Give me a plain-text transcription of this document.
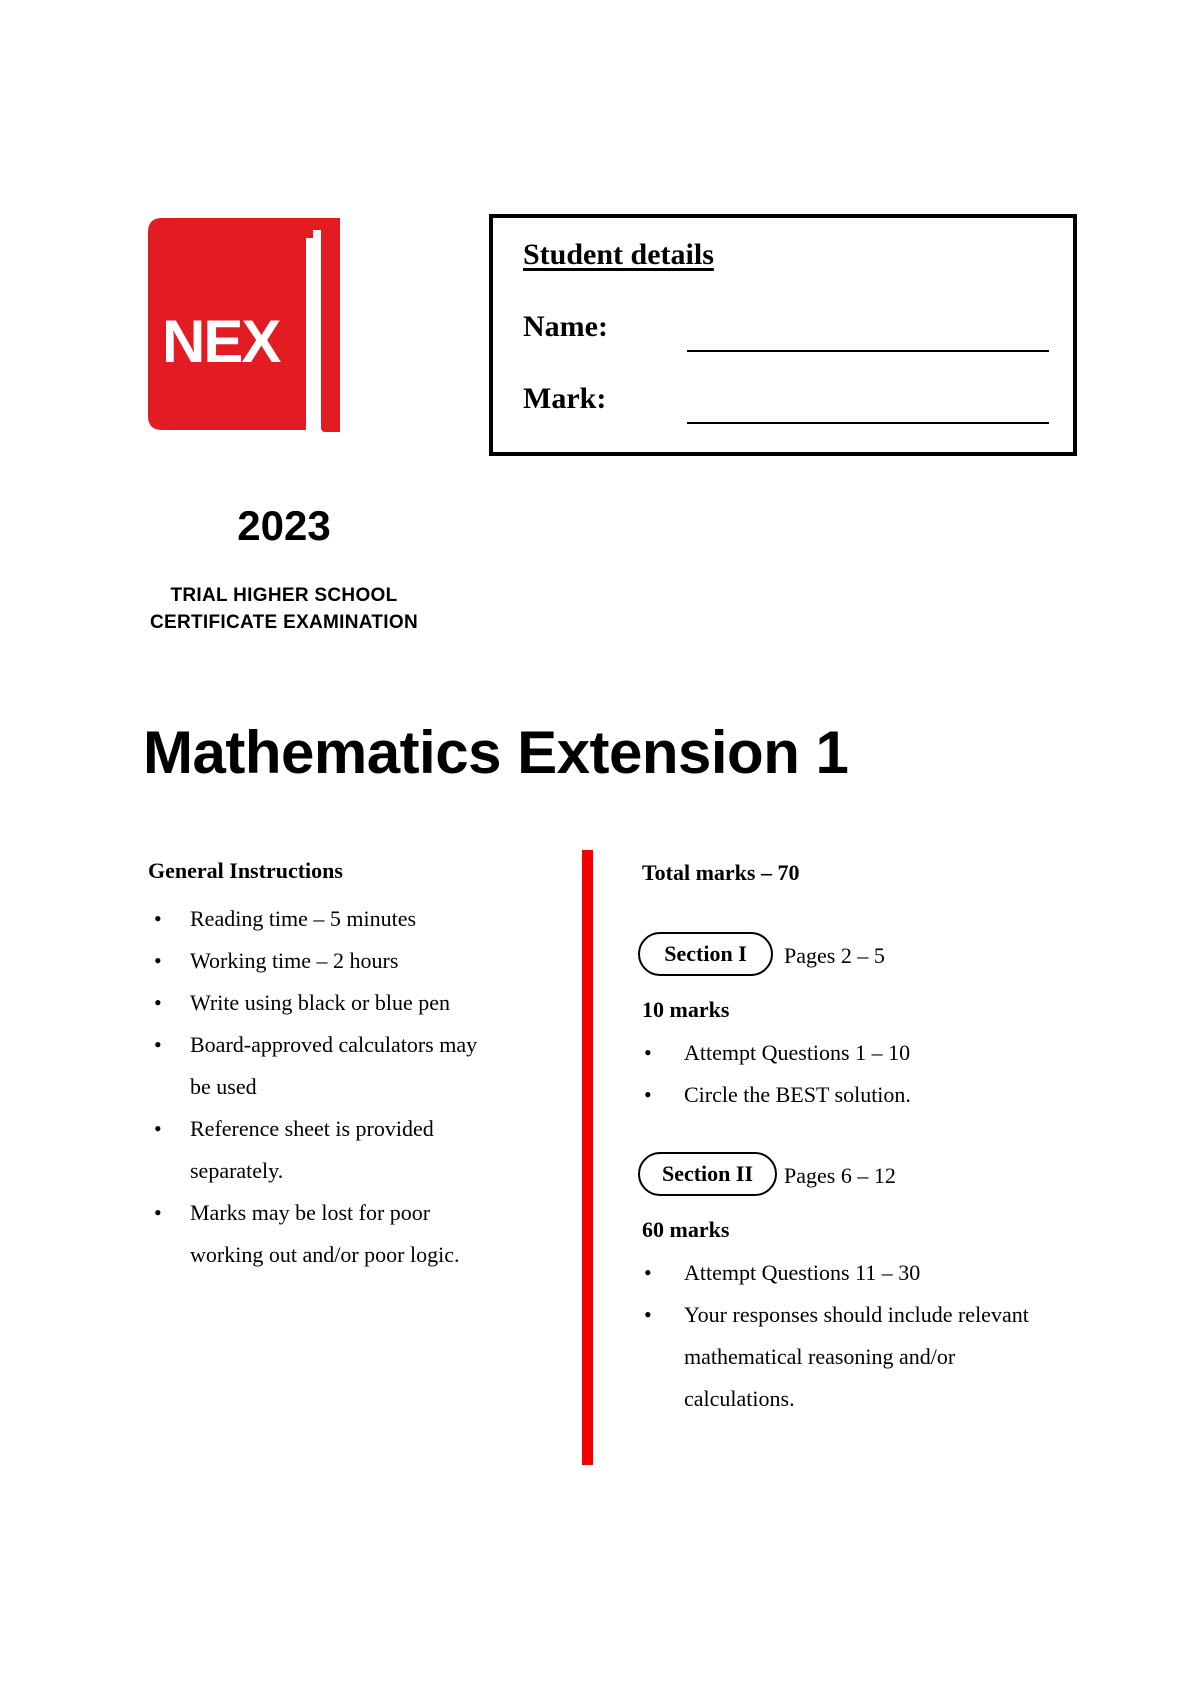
NEX
Student details
Name:
Mark:
2023
TRIAL HIGHER SCHOOL
CERTIFICATE EXAMINATION
Mathematics Extension 1
General Instructions
• Reading time – 5 minutes
• Working time – 2 hours
• Write using black or blue pen
• Board-approved calculators may
be used
• Reference sheet is provided
separately.
• Marks may be lost for poor
working out and/or poor logic.
Total marks – 70
Section I	Pages 2 – 5
10 marks
• Attempt Questions 1 – 10
• Circle the BEST solution.
Section II	Pages 6 – 12
60 marks
• Attempt Questions 11 – 30
• Your responses should include relevant
mathematical reasoning and/or
calculations.
